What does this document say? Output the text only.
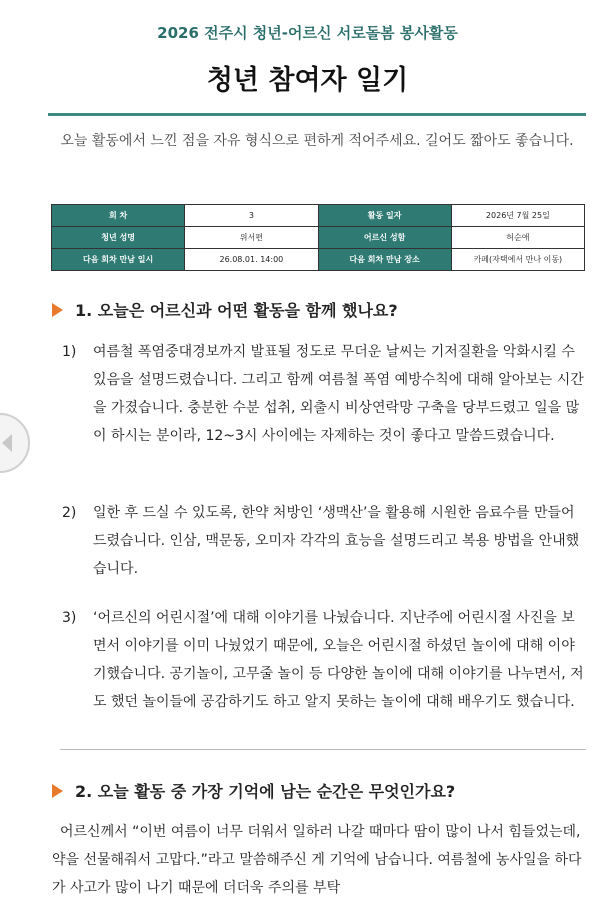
2026 전주시 청년-어르신 서로돌봄 봉사활동
청년 참여자 일기
오늘 활동에서 느낀 점을 자유 형식으로 편하게 적어주세요. 길어도 짧아도 좋습니다.
회 차	3	활동 일자	2026년 7월 25일
청년 성명	위서편	어르신 성함	허순애
다음 회차 만남 일시	26.08.01. 14:00	다음 회차 만남 장소	카페(자택에서 만나 이동)
1. 오늘은 어르신과 어떤 활동을 함께 했나요?
1) 여름철 폭염중대경보까지 발표될 정도로 무더운 날씨는 기저질환을 악화시킬 수 있음을 설명드렸습니다. 그리고 함께 여름철 폭염 예방수칙에 대해 알아보는 시간을 가졌습니다. 충분한 수분 섭취, 외출시 비상연락망 구축을 당부드렸고 일을 많이 하시는 분이라, 12~3시 사이에는 자제하는 것이 좋다고 말씀드렸습니다.
2) 일한 후 드실 수 있도록, 한약 처방인 ‘생맥산’을 활용해 시원한 음료수를 만들어 드렸습니다. 인삼, 맥문동, 오미자 각각의 효능을 설명드리고 복용 방법을 안내했습니다.
3) ‘어르신의 어린시절’에 대해 이야기를 나눴습니다. 지난주에 어린시절 사진을 보면서 이야기를 이미 나눴었기 때문에, 오늘은 어린시절 하셨던 놀이에 대해 이야기했습니다. 공기놀이, 고무줄 놀이 등 다양한 놀이에 대해 이야기를 나누면서, 저도 했던 놀이들에 공감하기도 하고 알지 못하는 놀이에 대해 배우기도 했습니다.
2. 오늘 활동 중 가장 기억에 남는 순간은 무엇인가요?
어르신께서 “이번 여름이 너무 더워서 일하러 나갈 때마다 땀이 많이 나서 힘들었는데, 약을 선물해줘서 고맙다.”라고 말씀해주신 게 기억에 남습니다. 여름철에 농사일을 하다가 사고가 많이 나기 때문에 더더욱 주의를 부탁
